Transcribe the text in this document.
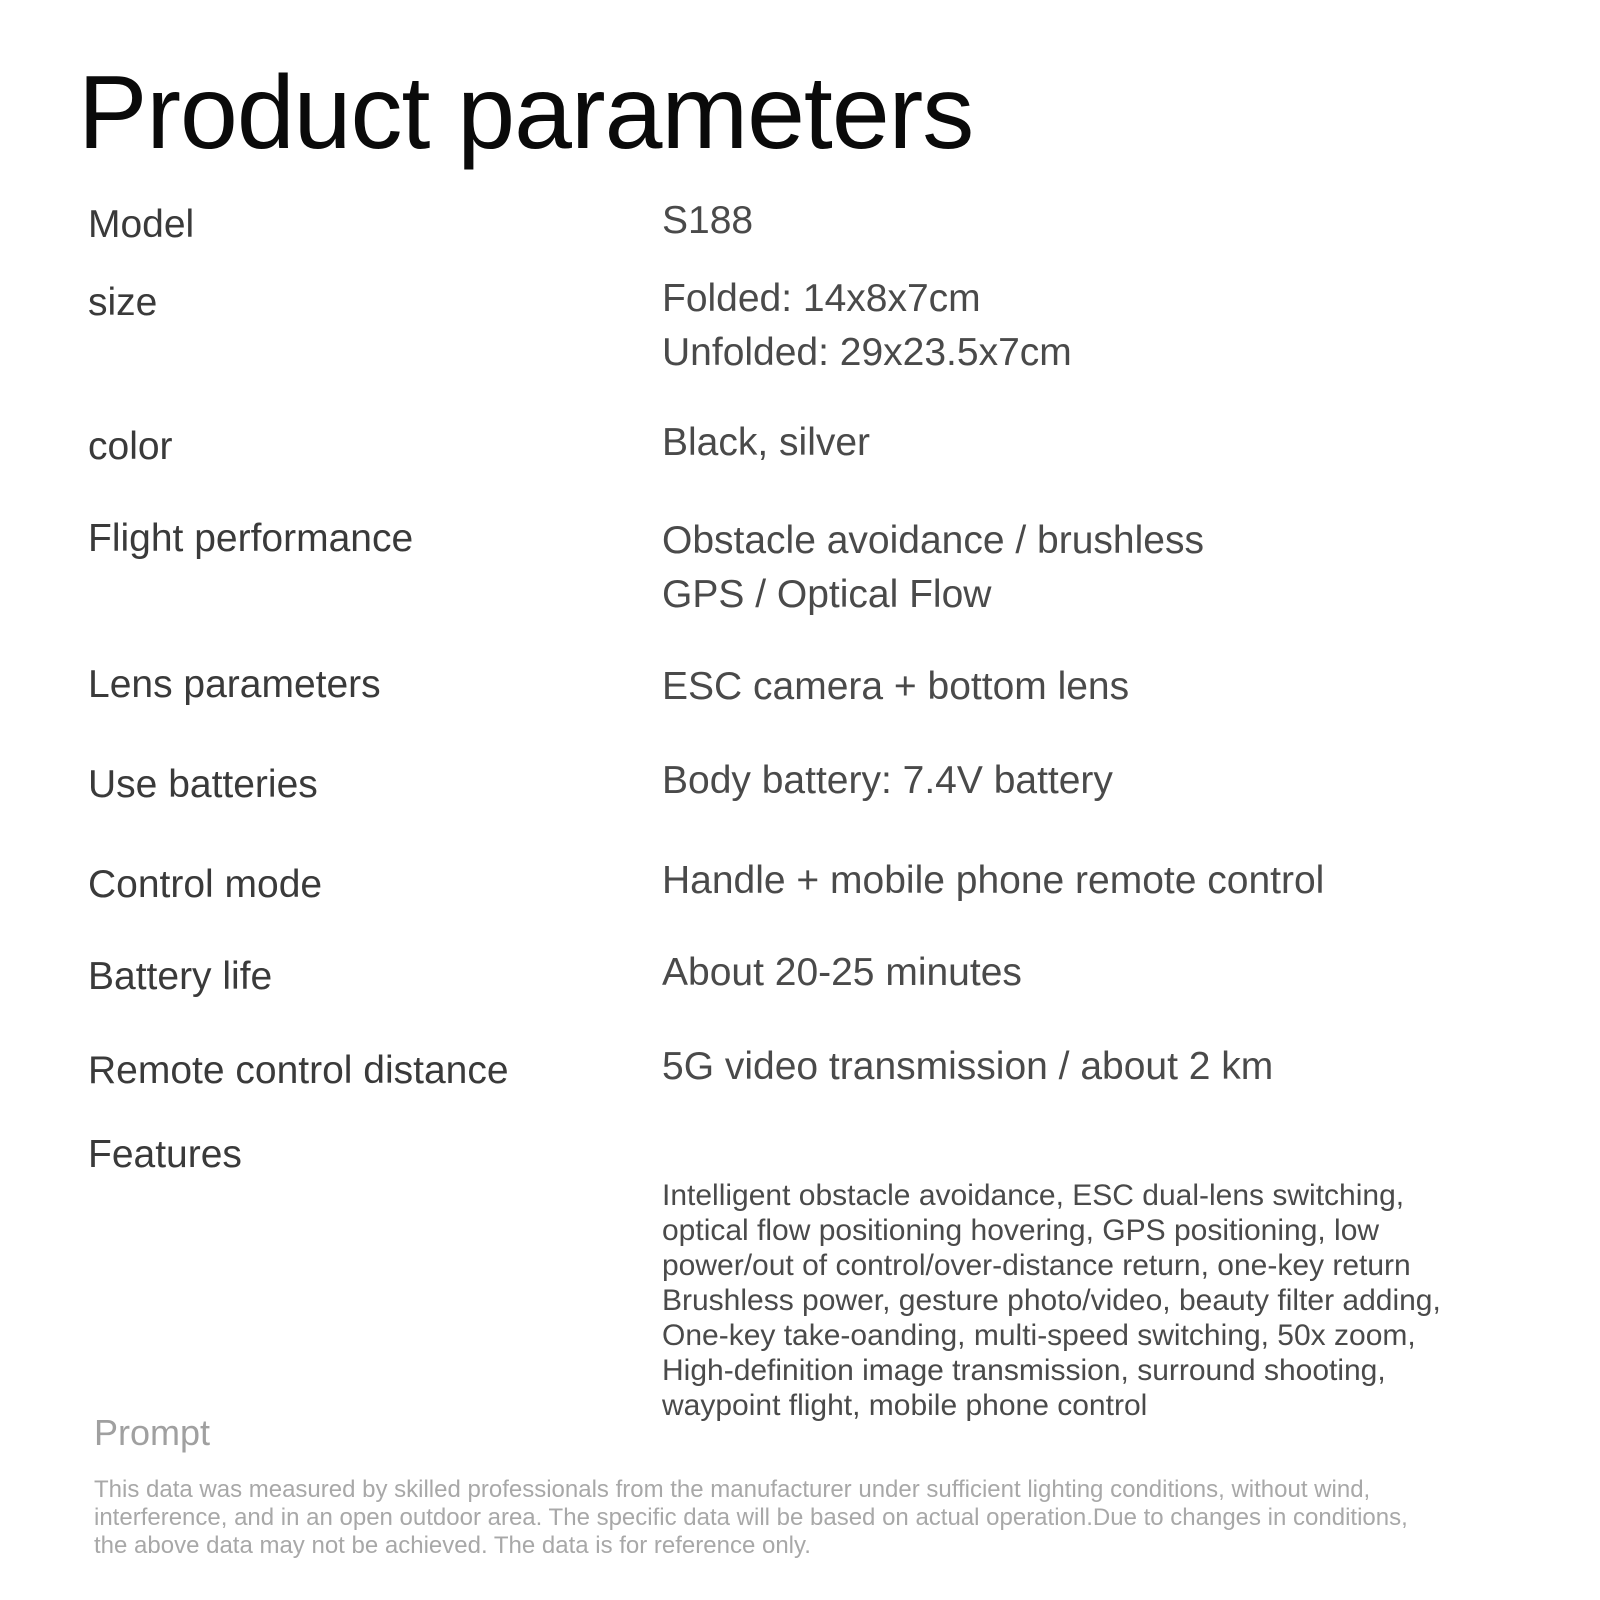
Product parameters
Model	S188
size	Folded: 14x8x7cm
Unfolded: 29x23.5x7cm
color	Black, silver
Flight performance	Obstacle avoidance / brushless
GPS / Optical Flow
Lens parameters	ESC camera + bottom lens
Use batteries	Body battery: 7.4V battery
Control mode	Handle + mobile phone remote control
Battery life	About 20-25 minutes
Remote control distance	5G video transmission / about 2 km
Features
Intelligent obstacle avoidance, ESC dual-lens switching,
optical flow positioning hovering, GPS positioning, low
power/out of control/over-distance return, one-key return
Brushless power, gesture photo/video, beauty filter adding,
One-key take-oanding, multi-speed switching, 50x zoom,
High-definition image transmission, surround shooting,
waypoint flight, mobile phone control
Prompt
This data was measured by skilled professionals from the manufacturer under sufficient lighting conditions, without wind,
interference, and in an open outdoor area. The specific data will be based on actual operation.Due to changes in conditions,
the above data may not be achieved. The data is for reference only.
